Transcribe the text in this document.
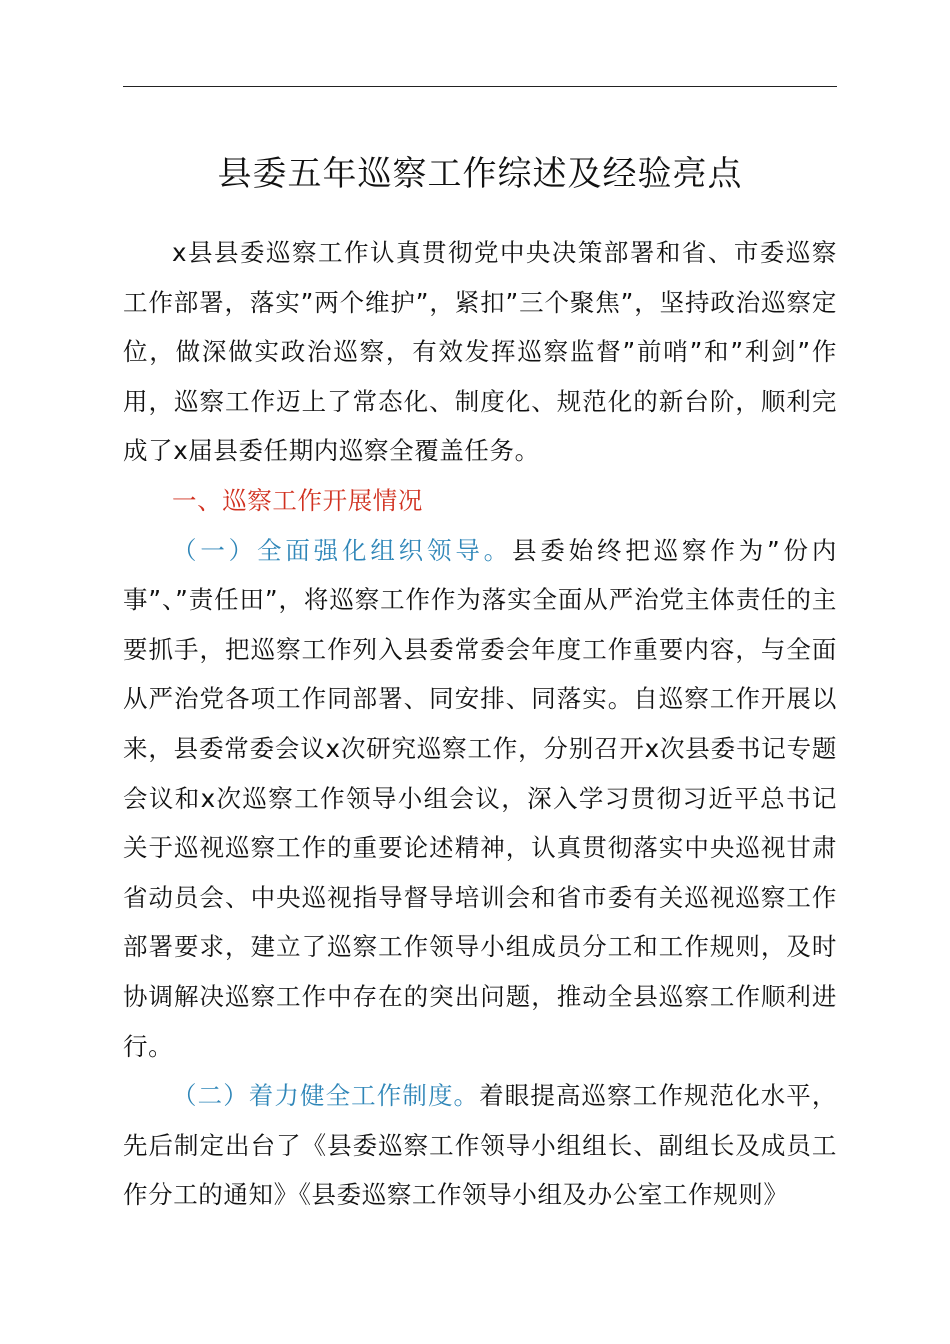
县委五年巡察工作综述及经验亮点

x县县委巡察工作认真贯彻党中央决策部署和省、市委巡察工作部署，落实”两个维护”，紧扣”三个聚焦”，坚持政治巡察定位，做深做实政治巡察，有效发挥巡察监督”前哨”和”利剑”作用，巡察工作迈上了常态化、制度化、规范化的新台阶，顺利完成了x届县委任期内巡察全覆盖任务。

一、巡察工作开展情况

（一）全面强化组织领导。县委始终把巡察作为”份内事”、”责任田”，将巡察工作作为落实全面从严治党主体责任的主要抓手，把巡察工作列入县委常委会年度工作重要内容，与全面从严治党各项工作同部署、同安排、同落实。自巡察工作开展以来，县委常委会议x次研究巡察工作，分别召开x次县委书记专题会议和x次巡察工作领导小组会议，深入学习贯彻习近平总书记关于巡视巡察工作的重要论述精神，认真贯彻落实中央巡视甘肃省动员会、中央巡视指导督导培训会和省市委有关巡视巡察工作部署要求，建立了巡察工作领导小组成员分工和工作规则，及时协调解决巡察工作中存在的突出问题，推动全县巡察工作顺利进行。

（二）着力健全工作制度。着眼提高巡察工作规范化水平，先后制定出台了《县委巡察工作领导小组组长、副组长及成员工作分工的通知》《县委巡察工作领导小组及办公室工作规则》
